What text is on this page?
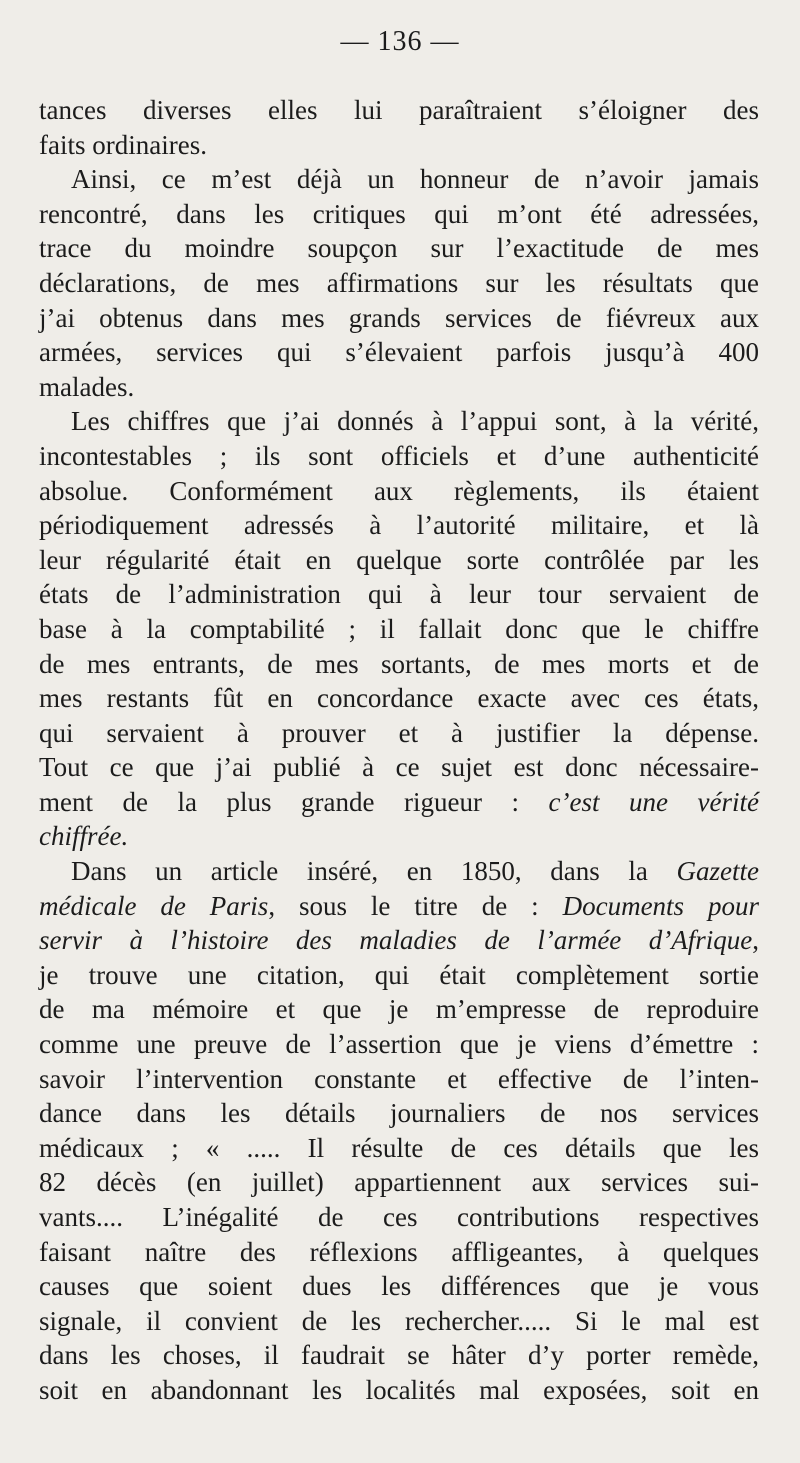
— 136 —
tances diverses elles lui paraîtraient s’éloigner des
faits ordinaires.
Ainsi, ce m’est déjà un honneur de n’avoir jamais
rencontré, dans les critiques qui m’ont été adressées,
trace du moindre soupçon sur l’exactitude de mes
déclarations, de mes affirmations sur les résultats que
j’ai obtenus dans mes grands services de fiévreux aux
armées, services qui s’élevaient parfois jusqu’à 400
malades.
Les chiffres que j’ai donnés à l’appui sont, à la vérité,
incontestables ; ils sont officiels et d’une authenticité
absolue. Conformément aux règlements, ils étaient
périodiquement adressés à l’autorité militaire, et là
leur régularité était en quelque sorte contrôlée par les
états de l’administration qui à leur tour servaient de
base à la comptabilité ; il fallait donc que le chiffre
de mes entrants, de mes sortants, de mes morts et de
mes restants fût en concordance exacte avec ces états,
qui servaient à prouver et à justifier la dépense.
Tout ce que j’ai publié à ce sujet est donc nécessaire-
ment de la plus grande rigueur : c’est une vérité
chiffrée.
Dans un article inséré, en 1850, dans la Gazette
médicale de Paris, sous le titre de : Documents pour
servir à l’histoire des maladies de l’armée d’Afrique,
je trouve une citation, qui était complètement sortie
de ma mémoire et que je m’empresse de reproduire
comme une preuve de l’assertion que je viens d’émettre :
savoir l’intervention constante et effective de l’inten-
dance dans les détails journaliers de nos services
médicaux ; « ..... Il résulte de ces détails que les
82 décès (en juillet) appartiennent aux services sui-
vants.... L’inégalité de ces contributions respectives
faisant naître des réflexions affligeantes, à quelques
causes que soient dues les différences que je vous
signale, il convient de les rechercher..... Si le mal est
dans les choses, il faudrait se hâter d’y porter remède,
soit en abandonnant les localités mal exposées, soit en
